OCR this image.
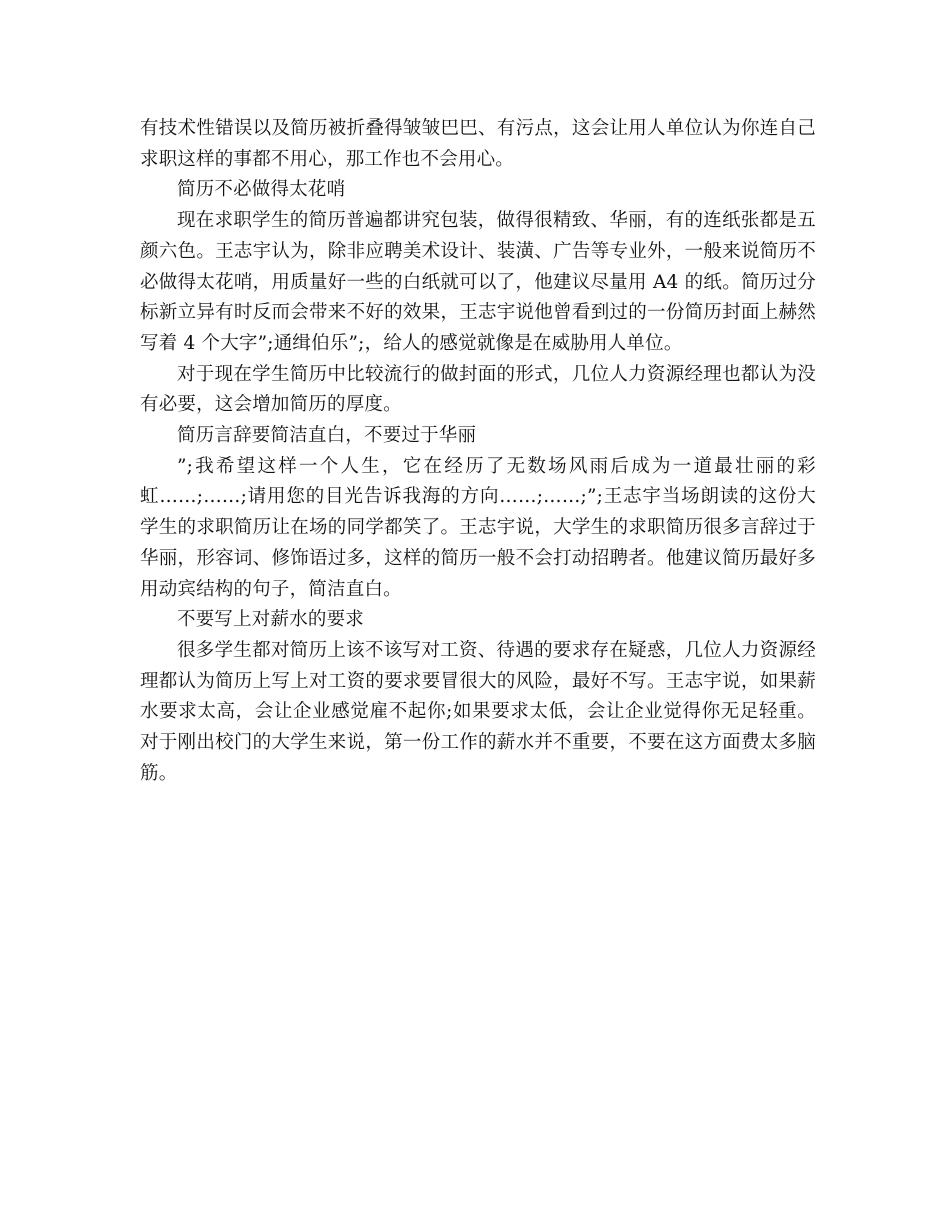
有技术性错误以及简历被折叠得皱皱巴巴、有污点，这会让用人单位认为你连自己求职这样的事都不用心，那工作也不会用心。

简历不必做得太花哨

现在求职学生的简历普遍都讲究包装，做得很精致、华丽，有的连纸张都是五颜六色。王志宇认为，除非应聘美术设计、装潢、广告等专业外，一般来说简历不必做得太花哨，用质量好一些的白纸就可以了，他建议尽量用 A4 的纸。简历过分标新立异有时反而会带来不好的效果，王志宇说他曾看到过的一份简历封面上赫然写着 4 个大字”;通缉伯乐”;，给人的感觉就像是在威胁用人单位。

对于现在学生简历中比较流行的做封面的形式，几位人力资源经理也都认为没有必要，这会增加简历的厚度。

简历言辞要简洁直白，不要过于华丽

”;我希望这样一个人生，它在经历了无数场风雨后成为一道最壮丽的彩虹……;……;请用您的目光告诉我海的方向……;……;”;王志宇当场朗读的这份大学生的求职简历让在场的同学都笑了。王志宇说，大学生的求职简历很多言辞过于华丽，形容词、修饰语过多，这样的简历一般不会打动招聘者。他建议简历最好多用动宾结构的句子，简洁直白。

不要写上对薪水的要求

很多学生都对简历上该不该写对工资、待遇的要求存在疑惑，几位人力资源经理都认为简历上写上对工资的要求要冒很大的风险，最好不写。王志宇说，如果薪水要求太高，会让企业感觉雇不起你;如果要求太低，会让企业觉得你无足轻重。对于刚出校门的大学生来说，第一份工作的薪水并不重要，不要在这方面费太多脑筋。
